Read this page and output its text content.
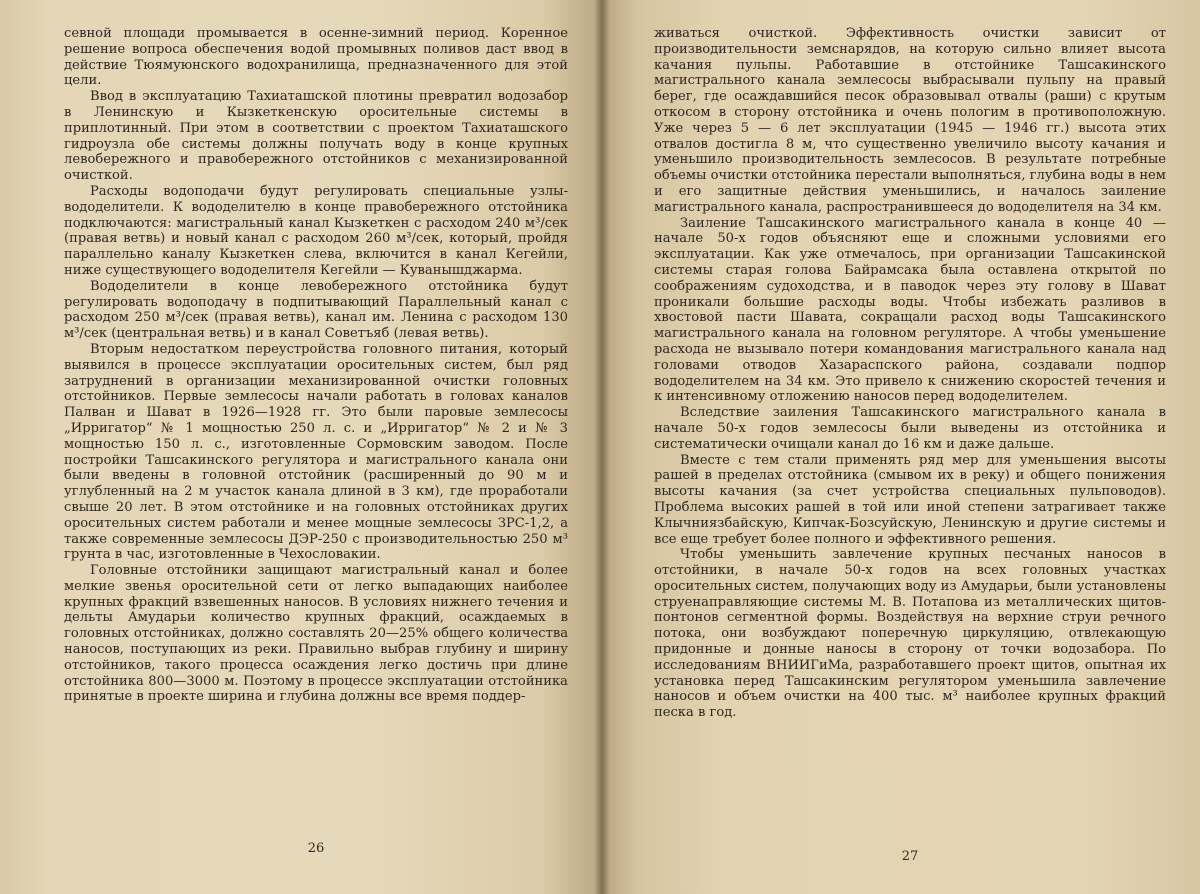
севной площади промывается в осенне-зимний период. Коренное решение вопроса обеспечения водой промывных поливов даст ввод в действие Тюямуюнского водохранилища, предназначенного для этой цели.

Ввод в эксплуатацию Тахиаташской плотины превратил водозабор в Ленинскую и Кызкеткенскую оросительные системы в приплотинный. При этом в соответствии с проектом Тахиаташского гидроузла обе системы должны получать воду в конце крупных левобережного и правобережного отстойников с механизированной очисткой.

Расходы водоподачи будут регулировать специальные узлы-вододелители. К вододелителю в конце правобережного отстойника подключаются: магистральный канал Кызкеткен с расходом 240 м³/сек (правая ветвь) и новый канал с расходом 260 м³/сек, который, пройдя параллельно каналу Кызкеткен слева, включится в канал Кегейли, ниже существующего вододелителя Кегейли — Куванышджарма.

Вододелители в конце левобережного отстойника будут регулировать водоподачу в подпитывающий Параллельный канал с расходом 250 м³/сек (правая ветвь), канал им. Ленина с расходом 130 м³/сек (центральная ветвь) и в канал Советъяб (левая ветвь).

Вторым недостатком переустройства головного питания, который выявился в процессе эксплуатации оросительных систем, был ряд затруднений в организации механизированной очистки головных отстойников. Первые землесосы начали работать в головах каналов Палван и Шават в 1926—1928 гг. Это были паровые землесосы „Ирригатор“ № 1 мощностью 250 л. с. и „Ирригатор“ № 2 и № 3 мощностью 150 л. с., изготовленные Сормовским заводом. После постройки Ташсакинского регулятора и магистрального канала они были введены в головной отстойник (расширенный до 90 м и углубленный на 2 м участок канала длиной в 3 км), где проработали свыше 20 лет. В этом отстойнике и на головных отстойниках других оросительных систем работали и менее мощные землесосы ЗРС-1,2, а также современные землесосы ДЭР-250 с производительностью 250 м³ грунта в час, изготовленные в Чехословакии.

Головные отстойники защищают магистральный канал и более мелкие звенья оросительной сети от легко выпадающих наиболее крупных фракций взвешенных наносов. В условиях нижнего течения и дельты Амударьи количество крупных фракций, осаждаемых в головных отстойниках, должно составлять 20—25% общего количества наносов, поступающих из реки. Правильно выбрав глубину и ширину отстойников, такого процесса осаждения легко достичь при длине отстойника 800—3000 м. Поэтому в процессе эксплуатации отстойника принятые в проекте ширина и глубина должны все время поддер-

26

живаться очисткой. Эффективность очистки зависит от производительности земснарядов, на которую сильно влияет высота качания пульпы. Работавшие в отстойнике Ташсакинского магистрального канала землесосы выбрасывали пульпу на правый берег, где осаждавшийся песок образовывал отвалы (раши) с крутым откосом в сторону отстойника и очень пологим в противоположную. Уже через 5 — 6 лет эксплуатации (1945 — 1946 гг.) высота этих отвалов достигла 8 м, что существенно увеличило высоту качания и уменьшило производительность землесосов. В результате потребные объемы очистки отстойника перестали выполняться, глубина воды в нем и его защитные действия уменьшились, и началось заиление магистрального канала, распространившееся до вододелителя на 34 км.

Заиление Ташсакинского магистрального канала в конце 40 — начале 50-х годов объясняют еще и сложными условиями его эксплуатации. Как уже отмечалось, при организации Ташсакинской системы старая голова Байрамсака была оставлена открытой по соображениям судоходства, и в паводок через эту голову в Шават проникали большие расходы воды. Чтобы избежать разливов в хвостовой пасти Шавата, сокращали расход воды Ташсакинского магистрального канала на головном регуляторе. А чтобы уменьшение расхода не вызывало потери командования магистрального канала над головами отводов Хазараспского района, создавали подпор вододелителем на 34 км. Это привело к снижению скоростей течения и к интенсивному отложению наносов перед вододелителем.

Вследствие заиления Ташсакинского магистрального канала в начале 50-х годов землесосы были выведены из отстойника и систематически очищали канал до 16 км и даже дальше.

Вместе с тем стали применять ряд мер для уменьшения высоты рашей в пределах отстойника (смывом их в реку) и общего понижения высоты качания (за счет устройства специальных пульповодов). Проблема высоких рашей в той или иной степени затрагивает также Клычниязбайскую, Кипчак-Бозсуйскую, Ленинскую и другие системы и все еще требует более полного и эффективного решения.

Чтобы уменьшить завлечение крупных песчаных наносов в отстойники, в начале 50-х годов на всех головных участках оросительных систем, получающих воду из Амударьи, были установлены струенаправляющие системы М. В. Потапова из металлических щитов-понтонов сегментной формы. Воздействуя на верхние струи речного потока, они возбуждают поперечную циркуляцию, отвлекающую придонные и донные наносы в сторону от точки водозабора. По исследованиям ВНИИГиМа, разработавшего проект щитов, опытная их установка перед Ташсакинским регулятором уменьшила завлечение наносов и объем очистки на 400 тыс. м³ наиболее крупных фракций песка в год.

27
